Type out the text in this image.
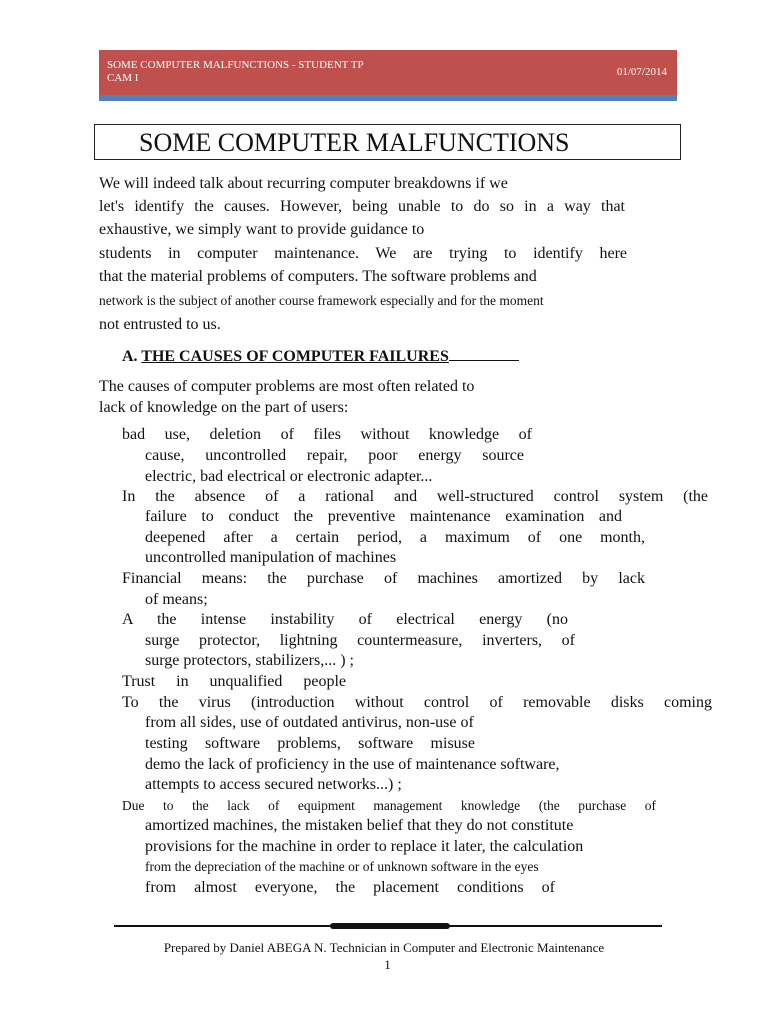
SOME COMPUTER MALFUNCTIONS - STUDENT TP
CAM I	01/07/2014
SOME COMPUTER MALFUNCTIONS
We will indeed talk about recurring computer breakdowns if we
let's identify the causes. However, being unable to do so in a way that
exhaustive, we simply want to provide guidance to
students in computer maintenance. We are trying to identify here
that the material problems of computers. The software problems and
network is the subject of another course framework especially and for the moment
not entrusted to us.
A. THE CAUSES OF COMPUTER FAILURES
The causes of computer problems are most often related to
lack of knowledge on the part of users:
bad use, deletion of files without knowledge of
cause, uncontrolled repair, poor energy source
electric, bad electrical or electronic adapter...
In the absence of a rational and well-structured control system (the
failure to conduct the preventive maintenance examination and
deepened after a certain period, a maximum of one month,
uncontrolled manipulation of machines
Financial means: the purchase of machines amortized by lack
of means;
A the intense instability of electrical energy (no
surge protector, lightning countermeasure, inverters, of
surge protectors, stabilizers,... ) ;
Trust in unqualified people
To the virus (introduction without control of removable disks coming
from all sides, use of outdated antivirus, non-use of
testing software problems, software misuse
demo the lack of proficiency in the use of maintenance software,
attempts to access secured networks...) ;
Due to the lack of equipment management knowledge (the purchase of
amortized machines, the mistaken belief that they do not constitute
provisions for the machine in order to replace it later, the calculation
from the depreciation of the machine or of unknown software in the eyes
from almost everyone, the placement conditions of
Prepared by Daniel ABEGA N. Technician in Computer and Electronic Maintenance
1
